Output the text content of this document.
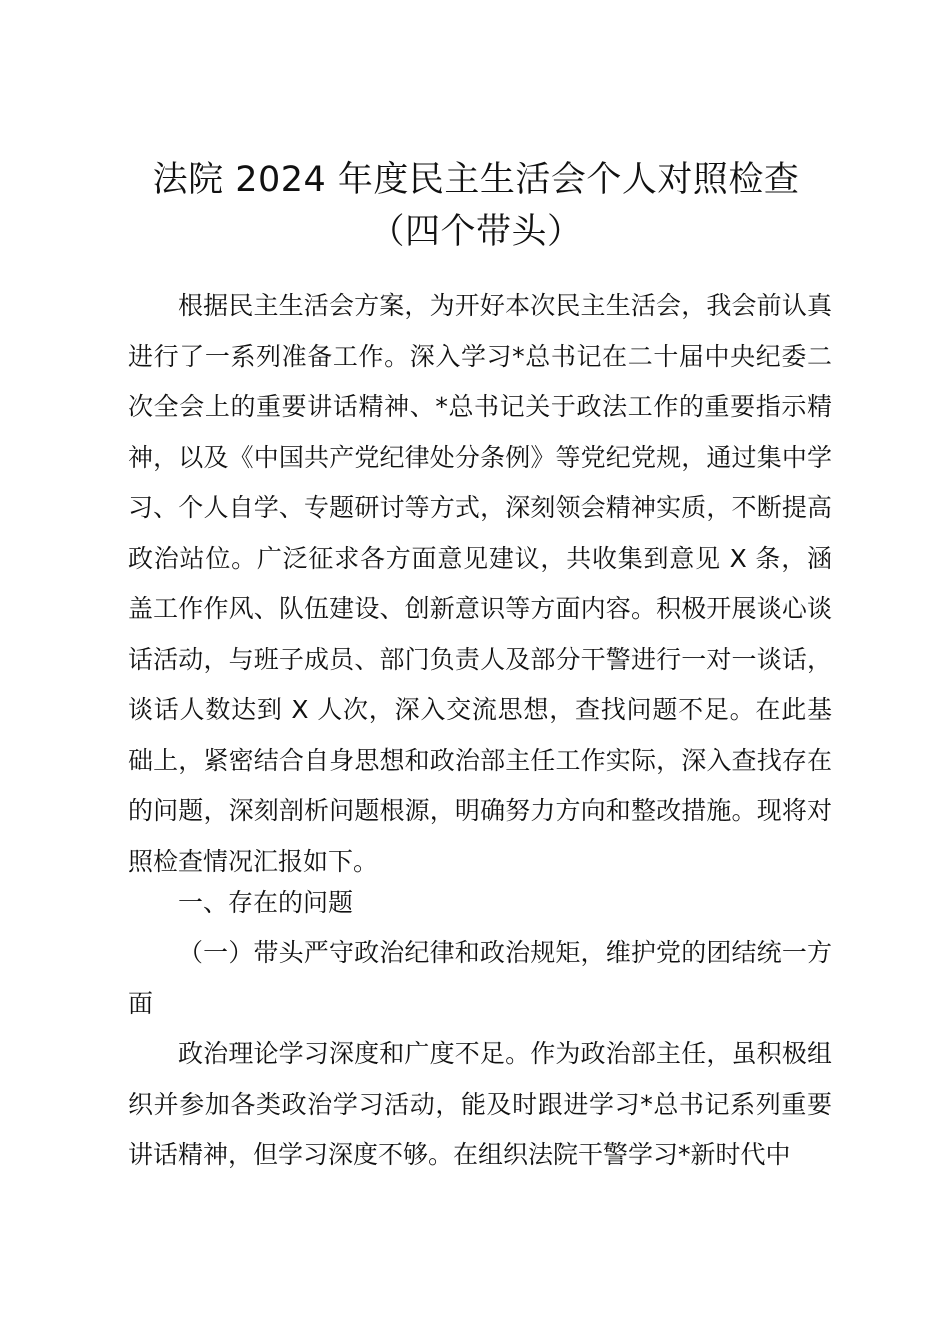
法院 2024 年度民主生活会个人对照检查（四个带头）

根据民主生活会方案，为开好本次民主生活会，我会前认真进行了一系列准备工作。深入学习*总书记在二十届中央纪委二次全会上的重要讲话精神、*总书记关于政法工作的重要指示精神，以及《中国共产党纪律处分条例》等党纪党规，通过集中学习、个人自学、专题研讨等方式，深刻领会精神实质，不断提高政治站位。广泛征求各方面意见建议，共收集到意见 X 条，涵盖工作作风、队伍建设、创新意识等方面内容。积极开展谈心谈话活动，与班子成员、部门负责人及部分干警进行一对一谈话，谈话人数达到 X 人次，深入交流思想，查找问题不足。在此基础上，紧密结合自身思想和政治部主任工作实际，深入查找存在的问题，深刻剖析问题根源，明确努力方向和整改措施。现将对照检查情况汇报如下。

一、存在的问题

（一）带头严守政治纪律和政治规矩，维护党的团结统一方面

政治理论学习深度和广度不足。作为政治部主任，虽积极组织并参加各类政治学习活动，能及时跟进学习*总书记系列重要讲话精神，但学习深度不够。在组织法院干警学习*新时代中
